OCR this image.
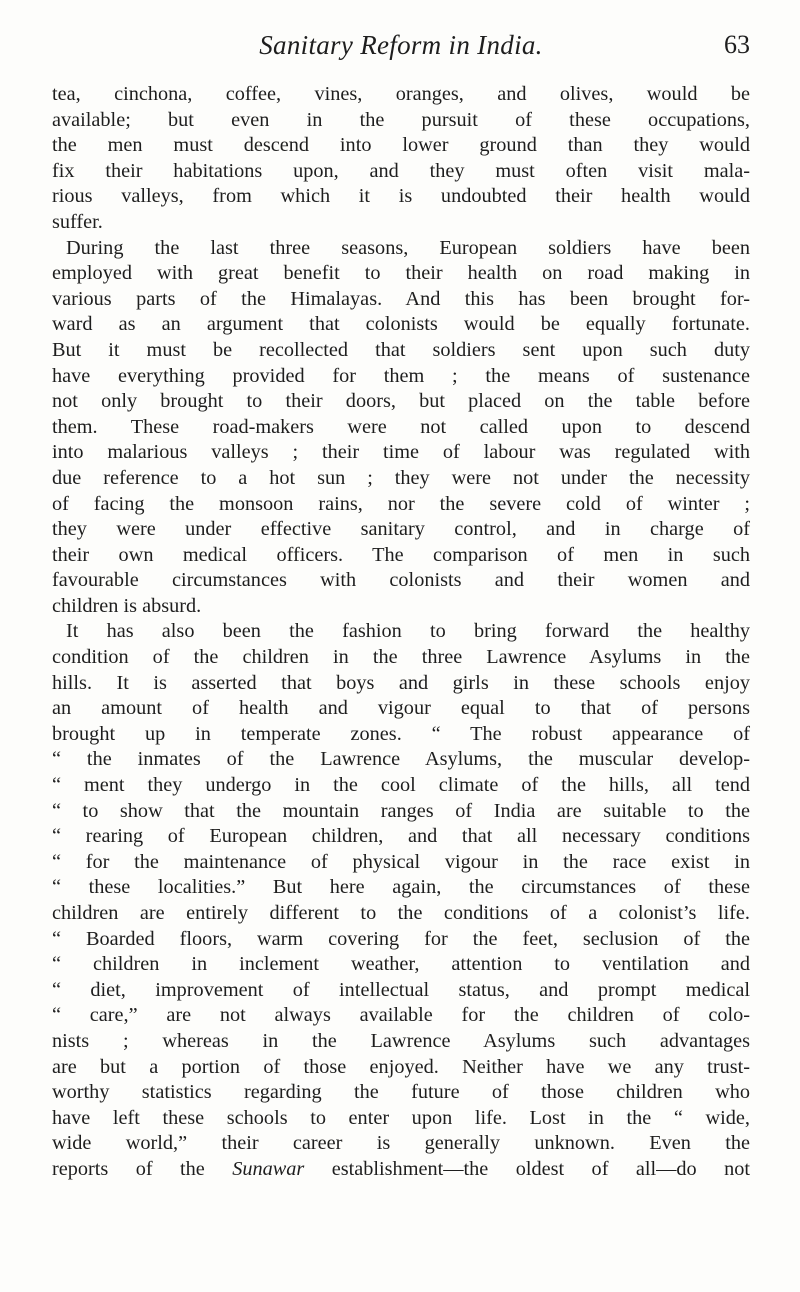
Sanitary Reform in India.	63
tea, cinchona, coffee, vines, oranges, and olives, would be
available; but even in the pursuit of these occupations,
the men must descend into lower ground than they would
fix their habitations upon, and they must often visit mala-
rious valleys, from which it is undoubted their health would
suffer.
During the last three seasons, European soldiers have been
employed with great benefit to their health on road making in
various parts of the Himalayas. And this has been brought for-
ward as an argument that colonists would be equally fortunate.
But it must be recollected that soldiers sent upon such duty
have everything provided for them ; the means of sustenance
not only brought to their doors, but placed on the table before
them. These road-makers were not called upon to descend
into malarious valleys ; their time of labour was regulated with
due reference to a hot sun ; they were not under the necessity
of facing the monsoon rains, nor the severe cold of winter ;
they were under effective sanitary control, and in charge of
their own medical officers. The comparison of men in such
favourable circumstances with colonists and their women and
children is absurd.
It has also been the fashion to bring forward the healthy
condition of the children in the three Lawrence Asylums in the
hills. It is asserted that boys and girls in these schools enjoy
an amount of health and vigour equal to that of persons
brought up in temperate zones. “ The robust appearance of
“ the inmates of the Lawrence Asylums, the muscular develop-
“ ment they undergo in the cool climate of the hills, all tend
“ to show that the mountain ranges of India are suitable to the
“ rearing of European children, and that all necessary conditions
“ for the maintenance of physical vigour in the race exist in
“ these localities.” But here again, the circumstances of these
children are entirely different to the conditions of a colonist’s life.
“ Boarded floors, warm covering for the feet, seclusion of the
“ children in inclement weather, attention to ventilation and
“ diet, improvement of intellectual status, and prompt medical
“ care,” are not always available for the children of colo-
nists ; whereas in the Lawrence Asylums such advantages
are but a portion of those enjoyed. Neither have we any trust-
worthy statistics regarding the future of those children who
have left these schools to enter upon life. Lost in the “ wide,
wide world,” their career is generally unknown. Even the
reports of the Sunawar establishment—the oldest of all—do not
